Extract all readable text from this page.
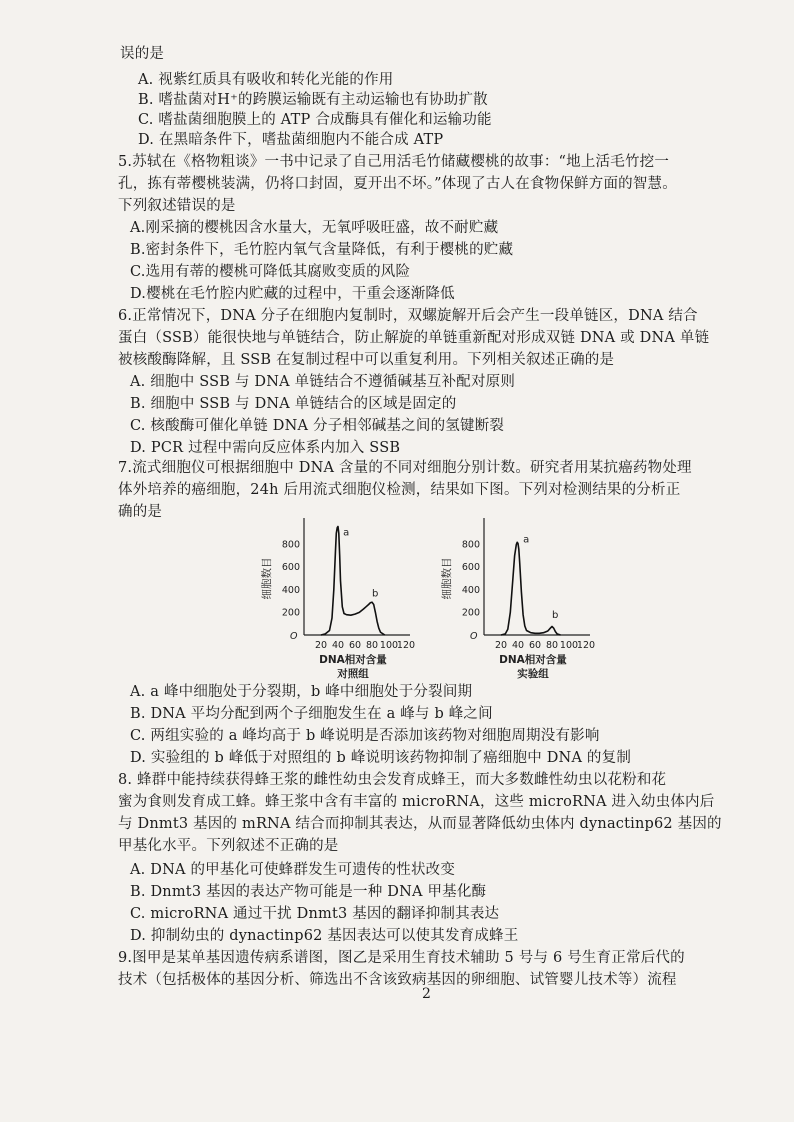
误的是
A. 视紫红质具有吸收和转化光能的作用
B. 嗜盐菌对H⁺的跨膜运输既有主动运输也有协助扩散
C. 嗜盐菌细胞膜上的 ATP 合成酶具有催化和运输功能
D. 在黑暗条件下，嗜盐菌细胞内不能合成 ATP
5.苏轼在《格物粗谈》一书中记录了自己用活毛竹储藏樱桃的故事：“地上活毛竹挖一
孔，拣有蒂樱桃装满，仍将口封固，夏开出不坏。”体现了古人在食物保鲜方面的智慧。
下列叙述错误的是
A.刚采摘的樱桃因含水量大，无氧呼吸旺盛，故不耐贮藏
B.密封条件下，毛竹腔内氧气含量降低，有利于樱桃的贮藏
C.选用有蒂的樱桃可降低其腐败变质的风险
D.樱桃在毛竹腔内贮藏的过程中，干重会逐渐降低
6.正常情况下，DNA 分子在细胞内复制时，双螺旋解开后会产生一段单链区，DNA 结合
蛋白（SSB）能很快地与单链结合，防止解旋的单链重新配对形成双链 DNA 或 DNA 单链
被核酸酶降解，且 SSB 在复制过程中可以重复利用。下列相关叙述正确的是
A. 细胞中 SSB 与 DNA 单链结合不遵循碱基互补配对原则
B. 细胞中 SSB 与 DNA 单链结合的区域是固定的
C. 核酸酶可催化单链 DNA 分子相邻碱基之间的氢键断裂
D. PCR 过程中需向反应体系内加入 SSB
7.流式细胞仪可根据细胞中 DNA 含量的不同对细胞分别计数。研究者用某抗癌药物处理
体外培养的癌细胞，24h 后用流式细胞仪检测，结果如下图。下列对检测结果的分析正
确的是
O
200
400
600
800
20 40 60 80 100
120
细胞数目
DNA相对含量
对照组
a
b
O
200
400
600
800
20 40 60 80 100
120
细胞数目
DNA相对含量
实验组
a
b
A. a 峰中细胞处于分裂期，b 峰中细胞处于分裂间期
B. DNA 平均分配到两个子细胞发生在 a 峰与 b 峰之间
C. 两组实验的 a 峰均高于 b 峰说明是否添加该药物对细胞周期没有影响
D. 实验组的 b 峰低于对照组的 b 峰说明该药物抑制了癌细胞中 DNA 的复制
8. 蜂群中能持续获得蜂王浆的雌性幼虫会发育成蜂王，而大多数雌性幼虫以花粉和花
蜜为食则发育成工蜂。蜂王浆中含有丰富的 microRNA，这些 microRNA 进入幼虫体内后
与 Dnmt3 基因的 mRNA 结合而抑制其表达，从而显著降低幼虫体内 dynactinp62 基因的
甲基化水平。下列叙述不正确的是
A. DNA 的甲基化可使蜂群发生可遗传的性状改变
B. Dnmt3 基因的表达产物可能是一种 DNA 甲基化酶
C. microRNA 通过干扰 Dnmt3 基因的翻译抑制其表达
D. 抑制幼虫的 dynactinp62 基因表达可以使其发育成蜂王
9.图甲是某单基因遗传病系谱图，图乙是采用生育技术辅助 5 号与 6 号生育正常后代的
技术（包括极体的基因分析、筛选出不含该致病基因的卵细胞、试管婴儿技术等）流程
2
